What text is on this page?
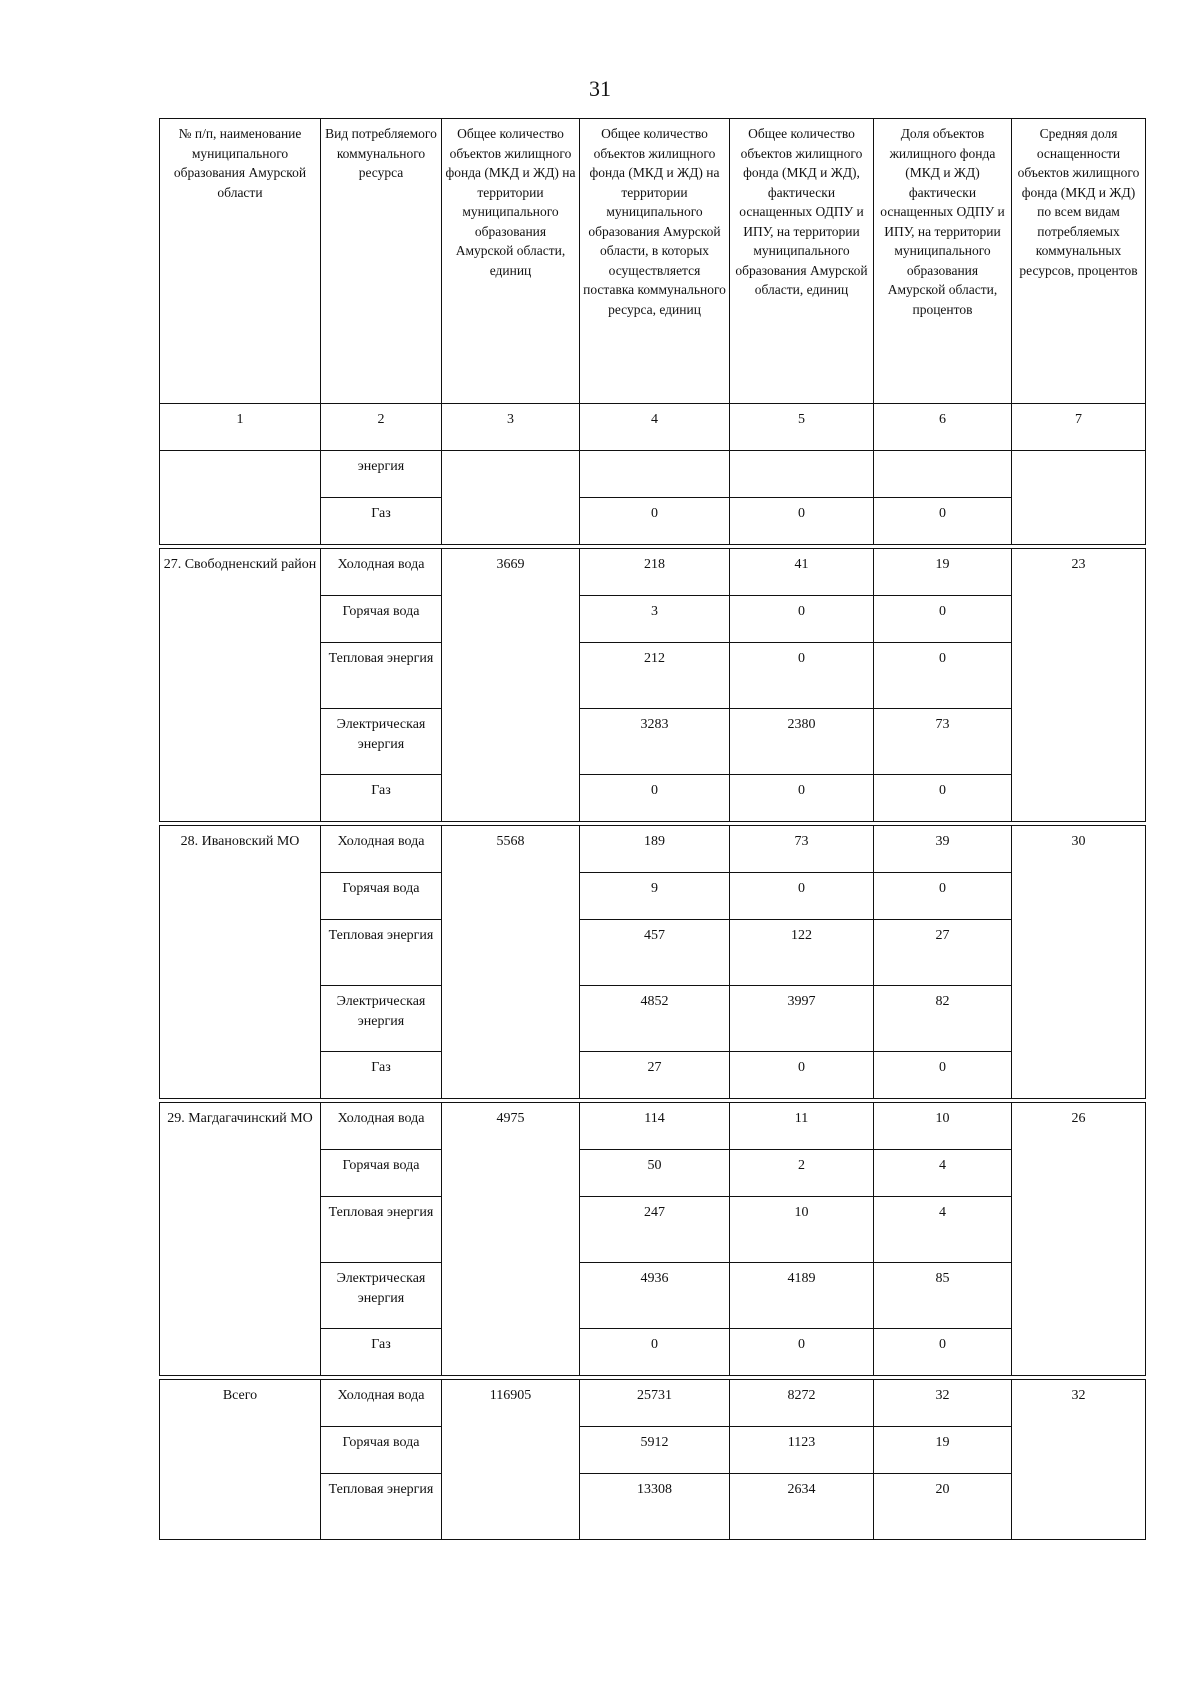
31
№ п/п, наименование муниципального образования Амурской области	Вид потребляемого коммунального ресурса	Общее количество объектов жилищного фонда (МКД и ЖД) на территории муниципального образования Амурской области, единиц	Общее количество объектов жилищного фонда (МКД и ЖД) на территории муниципального образования Амурской области, в которых осуществляется поставка коммунального ресурса, единиц	Общее количество объектов жилищного фонда (МКД и ЖД), фактически оснащенных ОДПУ и ИПУ, на территории муниципального образования Амурской области, единиц	Доля объектов жилищного фонда (МКД и ЖД) фактически оснащенных ОДПУ и ИПУ, на территории муниципального образования Амурской области, процентов	Средняя доля оснащенности объектов жилищного фонда (МКД и ЖД) по всем видам потребляемых коммунальных ресурсов, процентов
1	2	3	4	5	6	7
	энергия					
	Газ		0	0	0	

27. Свободненский район	Холодная вода	3669	218	41	19	23
	Горячая вода		3	0	0	
	Тепловая энергия		212	0	0	
	Электрическая энергия		3283	2380	73	
	Газ		0	0	0	

28. Ивановский МО	Холодная вода	5568	189	73	39	30
	Горячая вода		9	0	0	
	Тепловая энергия		457	122	27	
	Электрическая энергия		4852	3997	82	
	Газ		27	0	0	

29. Магдагачинский МО	Холодная вода	4975	114	11	10	26
	Горячая вода		50	2	4	
	Тепловая энергия		247	10	4	
	Электрическая энергия		4936	4189	85	
	Газ		0	0	0	

Всего	Холодная вода	116905	25731	8272	32	32
	Горячая вода		5912	1123	19	
	Тепловая энергия		13308	2634	20	
